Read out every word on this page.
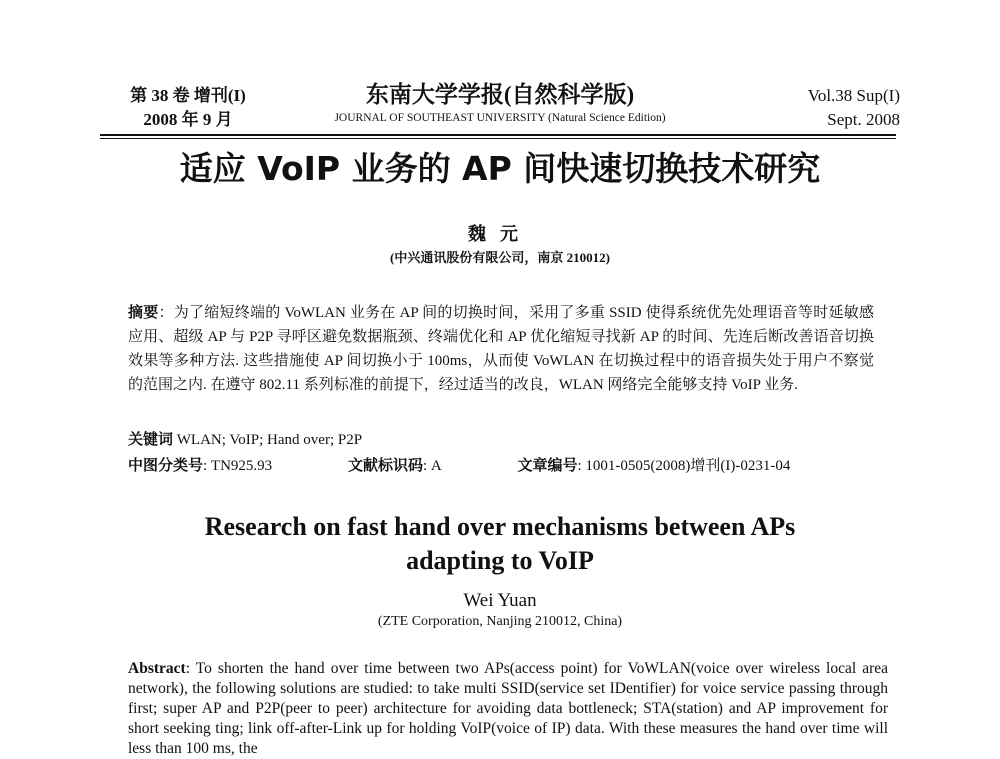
第 38 卷 增刊(I)
2008 年 9 月
东南大学学报(自然科学版)
JOURNAL OF SOUTHEAST UNIVERSITY (Natural Science Edition)
Vol.38 Sup(I)
Sept. 2008
适应 VoIP 业务的 AP 间快速切换技术研究
魏元
(中兴通讯股份有限公司，南京 210012)
摘要：为了缩短终端的 VoWLAN 业务在 AP 间的切换时间，采用了多重 SSID 使得系统优先处理语音等时延敏感应用、超级 AP 与 P2P 寻呼区避免数据瓶颈、终端优化和 AP 优化缩短寻找新 AP 的时间、先连后断改善语音切换效果等多种方法. 这些措施使 AP 间切换小于 100ms，从而使 VoWLAN 在切换过程中的语音损失处于用户不察觉的范围之内. 在遵守 802.11 系列标准的前提下，经过适当的改良，WLAN 网络完全能够支持 VoIP 业务.
关键词 WLAN; VoIP; Hand over; P2P
中图分类号: TN925.93	文献标识码: A	文章编号: 1001-0505(2008)增刊(I)-0231-04
Research on fast hand over mechanisms between APs
adapting to VoIP
Wei Yuan
(ZTE Corporation, Nanjing 210012, China)
Abstract: To shorten the hand over time between two APs(access point) for VoWLAN(voice over wireless local area network), the following solutions are studied: to take multi SSID(service set IDentifier) for voice service passing through first; super AP and P2P(peer to peer) architecture for avoiding data bottleneck; STA(station) and AP improvement for short seeking ting; link off-after-Link up for holding VoIP(voice of IP) data. With these measures the hand over time will less than 100 ms, the
